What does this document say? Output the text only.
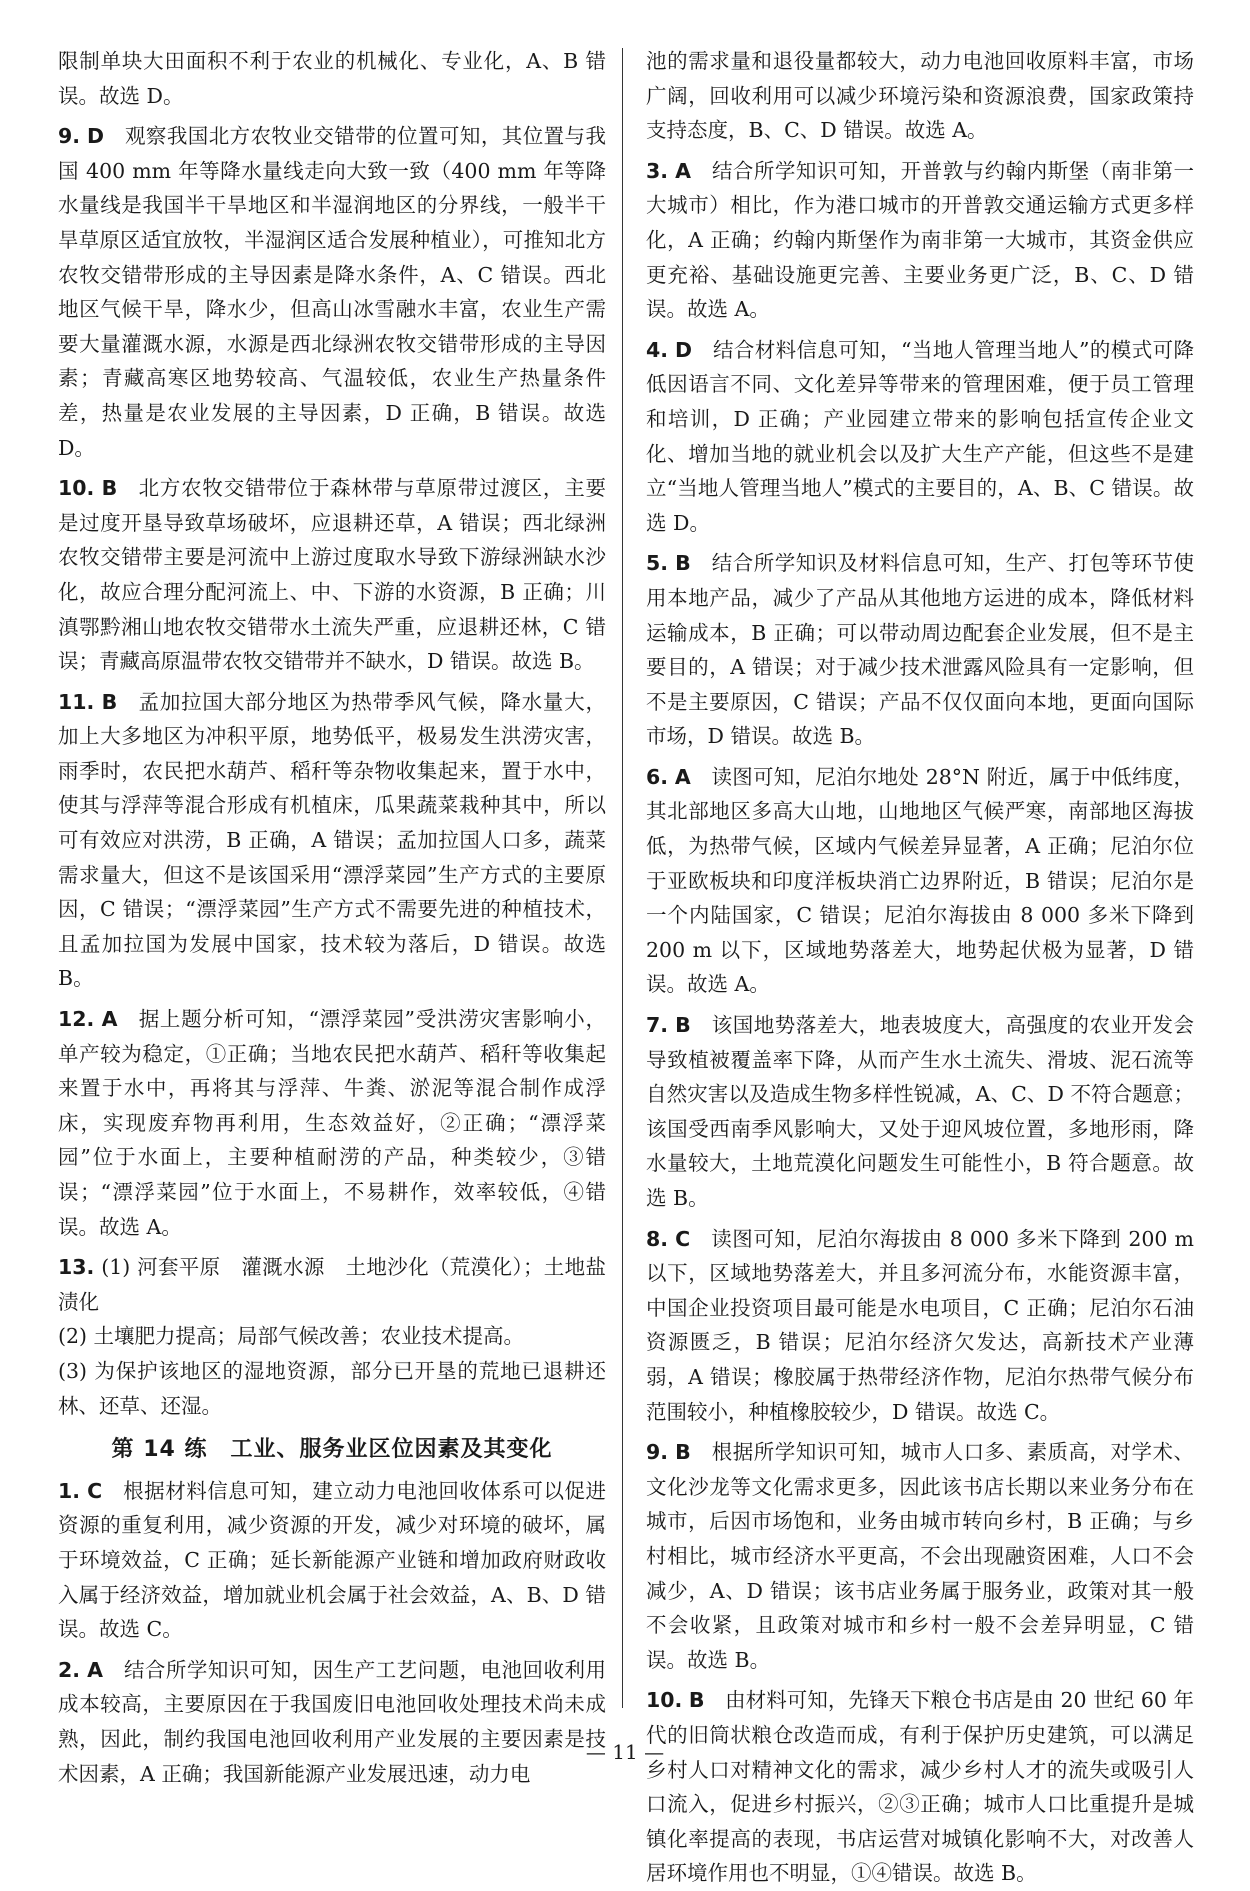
限制单块大田面积不利于农业的机械化、专业化，A、B 错误。故选 D。

9. D 观察我国北方农牧业交错带的位置可知，其位置与我国 400 mm 年等降水量线走向大致一致（400 mm 年等降水量线是我国半干旱地区和半湿润地区的分界线，一般半干旱草原区适宜放牧，半湿润区适合发展种植业），可推知北方农牧交错带形成的主导因素是降水条件，A、C 错误。西北地区气候干旱，降水少，但高山冰雪融水丰富，农业生产需要大量灌溉水源，水源是西北绿洲农牧交错带形成的主导因素；青藏高寒区地势较高、气温较低，农业生产热量条件差，热量是农业发展的主导因素，D 正确，B 错误。故选 D。

10. B 北方农牧交错带位于森林带与草原带过渡区，主要是过度开垦导致草场破坏，应退耕还草，A 错误；西北绿洲农牧交错带主要是河流中上游过度取水导致下游绿洲缺水沙化，故应合理分配河流上、中、下游的水资源，B 正确；川滇鄂黔湘山地农牧交错带水土流失严重，应退耕还林，C 错误；青藏高原温带农牧交错带并不缺水，D 错误。故选 B。

11. B 孟加拉国大部分地区为热带季风气候，降水量大，加上大多地区为冲积平原，地势低平，极易发生洪涝灾害，雨季时，农民把水葫芦、稻秆等杂物收集起来，置于水中，使其与浮萍等混合形成有机植床，瓜果蔬菜栽种其中，所以可有效应对洪涝，B 正确，A 错误；孟加拉国人口多，蔬菜需求量大，但这不是该国采用“漂浮菜园”生产方式的主要原因，C 错误；“漂浮菜园”生产方式不需要先进的种植技术，且孟加拉国为发展中国家，技术较为落后，D 错误。故选 B。

12. A 据上题分析可知，“漂浮菜园”受洪涝灾害影响小，单产较为稳定，①正确；当地农民把水葫芦、稻秆等收集起来置于水中，再将其与浮萍、牛粪、淤泥等混合制作成浮床，实现废弃物再利用，生态效益好，②正确；“漂浮菜园”位于水面上，主要种植耐涝的产品，种类较少，③错误；“漂浮菜园”位于水面上，不易耕作，效率较低，④错误。故选 A。

13. (1) 河套平原　灌溉水源　土地沙化（荒漠化）；土地盐渍化

(2) 土壤肥力提高；局部气候改善；农业技术提高。

(3) 为保护该地区的湿地资源，部分已开垦的荒地已退耕还林、还草、还湿。

第 14 练　工业、服务业区位因素及其变化

1. C 根据材料信息可知，建立动力电池回收体系可以促进资源的重复利用，减少资源的开发，减少对环境的破坏，属于环境效益，C 正确；延长新能源产业链和增加政府财政收入属于经济效益，增加就业机会属于社会效益，A、B、D 错误。故选 C。

2. A 结合所学知识可知，因生产工艺问题，电池回收利用成本较高，主要原因在于我国废旧电池回收处理技术尚未成熟，因此，制约我国电池回收利用产业发展的主要因素是技术因素，A 正确；我国新能源产业发展迅速，动力电

池的需求量和退役量都较大，动力电池回收原料丰富，市场广阔，回收利用可以减少环境污染和资源浪费，国家政策持支持态度，B、C、D 错误。故选 A。

3. A 结合所学知识可知，开普敦与约翰内斯堡（南非第一大城市）相比，作为港口城市的开普敦交通运输方式更多样化，A 正确；约翰内斯堡作为南非第一大城市，其资金供应更充裕、基础设施更完善、主要业务更广泛，B、C、D 错误。故选 A。

4. D 结合材料信息可知，“当地人管理当地人”的模式可降低因语言不同、文化差异等带来的管理困难，便于员工管理和培训，D 正确；产业园建立带来的影响包括宣传企业文化、增加当地的就业机会以及扩大生产产能，但这些不是建立“当地人管理当地人”模式的主要目的，A、B、C 错误。故选 D。

5. B 结合所学知识及材料信息可知，生产、打包等环节使用本地产品，减少了产品从其他地方运进的成本，降低材料运输成本，B 正确；可以带动周边配套企业发展，但不是主要目的，A 错误；对于减少技术泄露风险具有一定影响，但不是主要原因，C 错误；产品不仅仅面向本地，更面向国际市场，D 错误。故选 B。

6. A 读图可知，尼泊尔地处 28°N 附近，属于中低纬度，其北部地区多高大山地，山地地区气候严寒，南部地区海拔低，为热带气候，区域内气候差异显著，A 正确；尼泊尔位于亚欧板块和印度洋板块消亡边界附近，B 错误；尼泊尔是一个内陆国家，C 错误；尼泊尔海拔由 8 000 多米下降到 200 m 以下，区域地势落差大，地势起伏极为显著，D 错误。故选 A。

7. B 该国地势落差大，地表坡度大，高强度的农业开发会导致植被覆盖率下降，从而产生水土流失、滑坡、泥石流等自然灾害以及造成生物多样性锐减，A、C、D 不符合题意；该国受西南季风影响大，又处于迎风坡位置，多地形雨，降水量较大，土地荒漠化问题发生可能性小，B 符合题意。故选 B。

8. C 读图可知，尼泊尔海拔由 8 000 多米下降到 200 m 以下，区域地势落差大，并且多河流分布，水能资源丰富，中国企业投资项目最可能是水电项目，C 正确；尼泊尔石油资源匮乏，B 错误；尼泊尔经济欠发达，高新技术产业薄弱，A 错误；橡胶属于热带经济作物，尼泊尔热带气候分布范围较小，种植橡胶较少，D 错误。故选 C。

9. B 根据所学知识可知，城市人口多、素质高，对学术、文化沙龙等文化需求更多，因此该书店长期以来业务分布在城市，后因市场饱和，业务由城市转向乡村，B 正确；与乡村相比，城市经济水平更高，不会出现融资困难，人口不会减少，A、D 错误；该书店业务属于服务业，政策对其一般不会收紧，且政策对城市和乡村一般不会差异明显，C 错误。故选 B。

10. B 由材料可知，先锋天下粮仓书店是由 20 世纪 60 年代的旧筒状粮仓改造而成，有利于保护历史建筑，可以满足乡村人口对精神文化的需求，减少乡村人才的流失或吸引人口流入，促进乡村振兴，②③正确；城市人口比重提升是城镇化率提高的表现，书店运营对城镇化影响不大，对改善人居环境作用也不明显，①④错误。故选 B。

— 11 —
